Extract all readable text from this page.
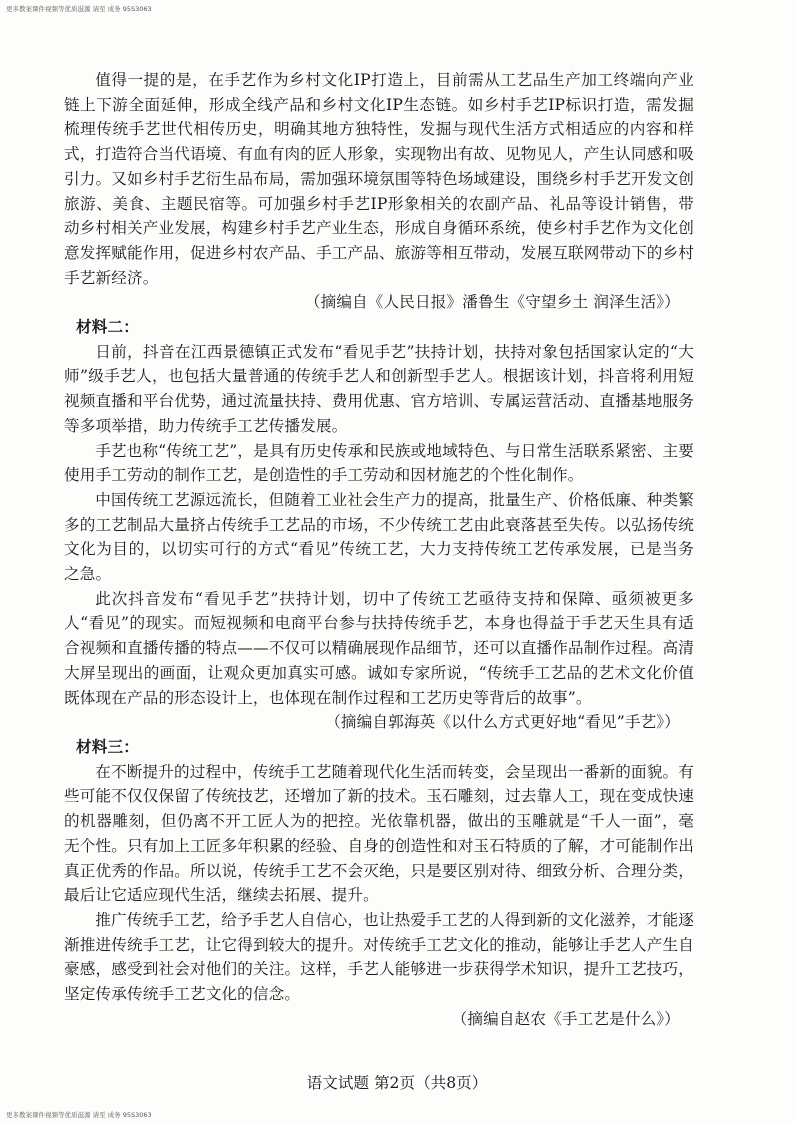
更多教案课件视频等优质滋源 请至 成务 95S3063

值得一提的是，在手艺作为乡村文化IP打造上，目前需从工艺品生产加工终端向产业链上下游全面延伸，形成全线产品和乡村文化IP生态链。如乡村手艺IP标识打造，需发掘梳理传统手艺世代相传历史，明确其地方独特性，发掘与现代生活方式相适应的内容和样式，打造符合当代语境、有血有肉的匠人形象，实现物出有故、见物见人，产生认同感和吸引力。又如乡村手艺衍生品布局，需加强环境氛围等特色场域建设，围绕乡村手艺开发文创旅游、美食、主题民宿等。可加强乡村手艺IP形象相关的农副产品、礼品等设计销售，带动乡村相关产业发展，构建乡村手艺产业生态，形成自身循环系统，使乡村手艺作为文化创意发挥赋能作用，促进乡村农产品、手工产品、旅游等相互带动，发展互联网带动下的乡村手艺新经济。

（摘编自《人民日报》潘鲁生《守望乡土 润泽生活》）

材料二：

日前，抖音在江西景德镇正式发布“看见手艺”扶持计划，扶持对象包括国家认定的“大师”级手艺人，也包括大量普通的传统手艺人和创新型手艺人。根据该计划，抖音将利用短视频直播和平台优势，通过流量扶持、费用优惠、官方培训、专属运营活动、直播基地服务等多项举措，助力传统手工艺传播发展。

手艺也称“传统工艺”，是具有历史传承和民族或地域特色、与日常生活联系紧密、主要使用手工劳动的制作工艺，是创造性的手工劳动和因材施艺的个性化制作。

中国传统工艺源远流长，但随着工业社会生产力的提高，批量生产、价格低廉、种类繁多的工艺制品大量挤占传统手工艺品的市场，不少传统工艺由此衰落甚至失传。以弘扬传统文化为目的，以切实可行的方式“看见”传统工艺，大力支持传统工艺传承发展，已是当务之急。

此次抖音发布“看见手艺”扶持计划，切中了传统工艺亟待支持和保障、亟须被更多人“看见”的现实。而短视频和电商平台参与扶持传统手艺，本身也得益于手艺天生具有适合视频和直播传播的特点——不仅可以精确展现作品细节，还可以直播作品制作过程。高清大屏呈现出的画面，让观众更加真实可感。诚如专家所说，“传统手工艺品的艺术文化价值既体现在产品的形态设计上，也体现在制作过程和工艺历史等背后的故事”。

（摘编自郭海英《以什么方式更好地“看见”手艺》）

材料三：

在不断提升的过程中，传统手工艺随着现代化生活而转变，会呈现出一番新的面貌。有些可能不仅仅保留了传统技艺，还增加了新的技术。玉石雕刻，过去靠人工，现在变成快速的机器雕刻，但仍离不开工匠人为的把控。光依靠机器，做出的玉雕就是“千人一面”，毫无个性。只有加上工匠多年积累的经验、自身的创造性和对玉石特质的了解，才可能制作出真正优秀的作品。所以说，传统手工艺不会灭绝，只是要区别对待、细致分析、合理分类，最后让它适应现代生活，继续去拓展、提升。

推广传统手工艺，给予手艺人自信心，也让热爱手工艺的人得到新的文化滋养，才能逐渐推进传统手工艺，让它得到较大的提升。对传统手工艺文化的推动，能够让手艺人产生自豪感，感受到社会对他们的关注。这样，手艺人能够进一步获得学术知识，提升工艺技巧，坚定传承传统手工艺文化的信念。

（摘编自赵农《手工艺是什么》）

语文试题 第2页（共8页）
更多教案课件视频等优质滋源 请至 成务 95S3063
